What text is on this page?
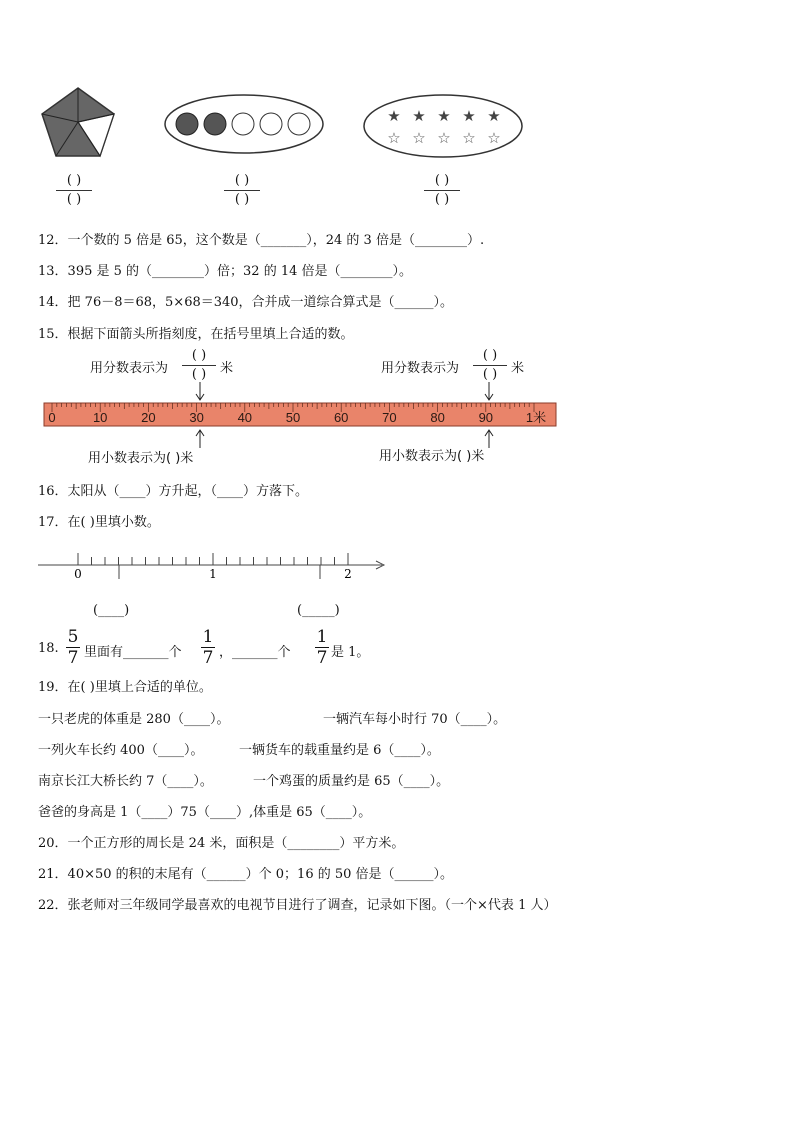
★ ★ ★ ★ ★
☆ ☆ ☆ ☆ ☆
( )
( )
( )
( )
( )
( )
12．一个数的 5 倍是 65，这个数是（_______），24 的 3 倍是（________）.
13．395 是 5 的（________）倍；32 的 14 倍是（________）。
14．把 76－8＝68，5×68＝340，合并成一道综合算式是（______）。
15．根据下面箭头所指刻度，在括号里填上合适的数。
用分数表示为
( )
( )	米	用分数表示为
( )
( )	米
0	10	20	30	40	50	60	70	80	90	1米
用小数表示为( )米	用小数表示为( )米
16．太阳从（____）方升起，（____）方落下。
17．在( )里填小数。
0	1	2
(____)	(_____)
18.
5
7 里面有_______个
1
7 ，_______个
1
7 是 1。
19．在( )里填上合适的单位。
一只老虎的体重是 280（____）。	一辆汽车每小时行 70（____）。
一列火车长约 400（____）。	一辆货车的载重量约是 6（____）。
南京长江大桥长约 7（____）。	一个鸡蛋的质量约是 65（____）。
爸爸的身高是 1（____）75（____）,体重是 65（____）。
20．一个正方形的周长是 24 米，面积是（________）平方米。
21．40×50 的积的末尾有（______）个 0；16 的 50 倍是（______）。
22．张老师对三年级同学最喜欢的电视节目进行了调查，记录如下图。（一个×代表 1 人）
